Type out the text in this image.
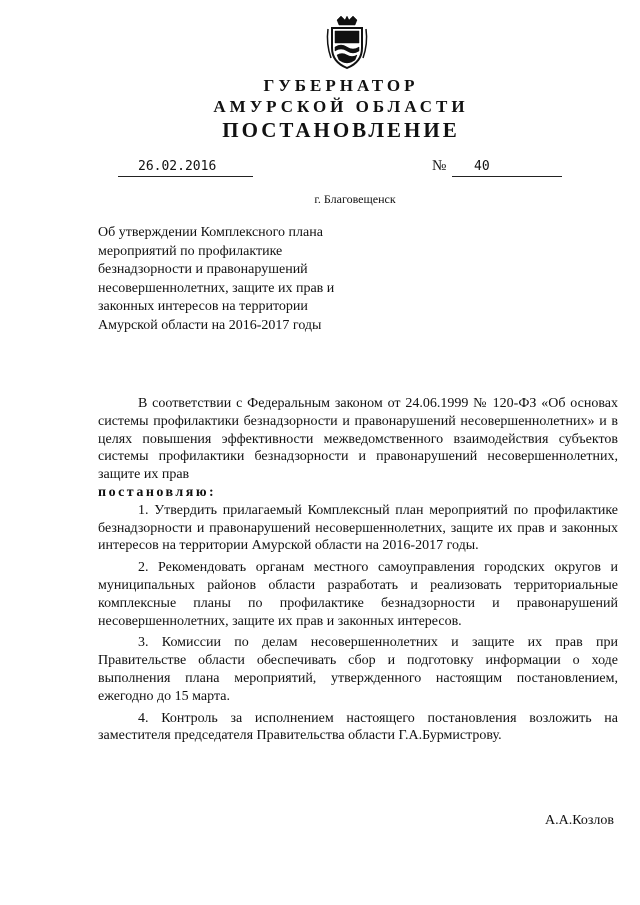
ГУБЕРНАТОР
АМУРСКОЙ ОБЛАСТИ
ПОСТАНОВЛЕНИЕ
26.02.2016	№	40
г. Благовещенск
Об утверждении Комплексного плана мероприятий по профилактике безнадзорности и правонарушений несовершеннолетних, защите их прав и законных интересов на территории Амурской области на 2016-2017 годы

В соответствии с Федеральным законом от 24.06.1999 № 120-ФЗ «Об основах системы профилактики безнадзорности и правонарушений несовершеннолетних» и в целях повышения эффективности межведомственного взаимодействия субъектов системы профилактики безнадзорности и правонарушений несовершеннолетних, защите их прав

постановляю:

1. Утвердить прилагаемый Комплексный план мероприятий по профилактике безнадзорности и правонарушений несовершеннолетних, защите их прав и законных интересов на территории Амурской области на 2016-2017 годы.

2. Рекомендовать органам местного самоуправления городских округов и муниципальных районов области разработать и реализовать территориальные комплексные планы по профилактике безнадзорности и правонарушений несовершеннолетних, защите их прав и законных интересов.

3. Комиссии по делам несовершеннолетних и защите их прав при Правительстве области обеспечивать сбор и подготовку информации о ходе выполнения плана мероприятий, утвержденного настоящим постановлением, ежегодно до 15 марта.

4. Контроль за исполнением настоящего постановления возложить на заместителя председателя Правительства области Г.А.Бурмистрову.

А.А.Козлов
